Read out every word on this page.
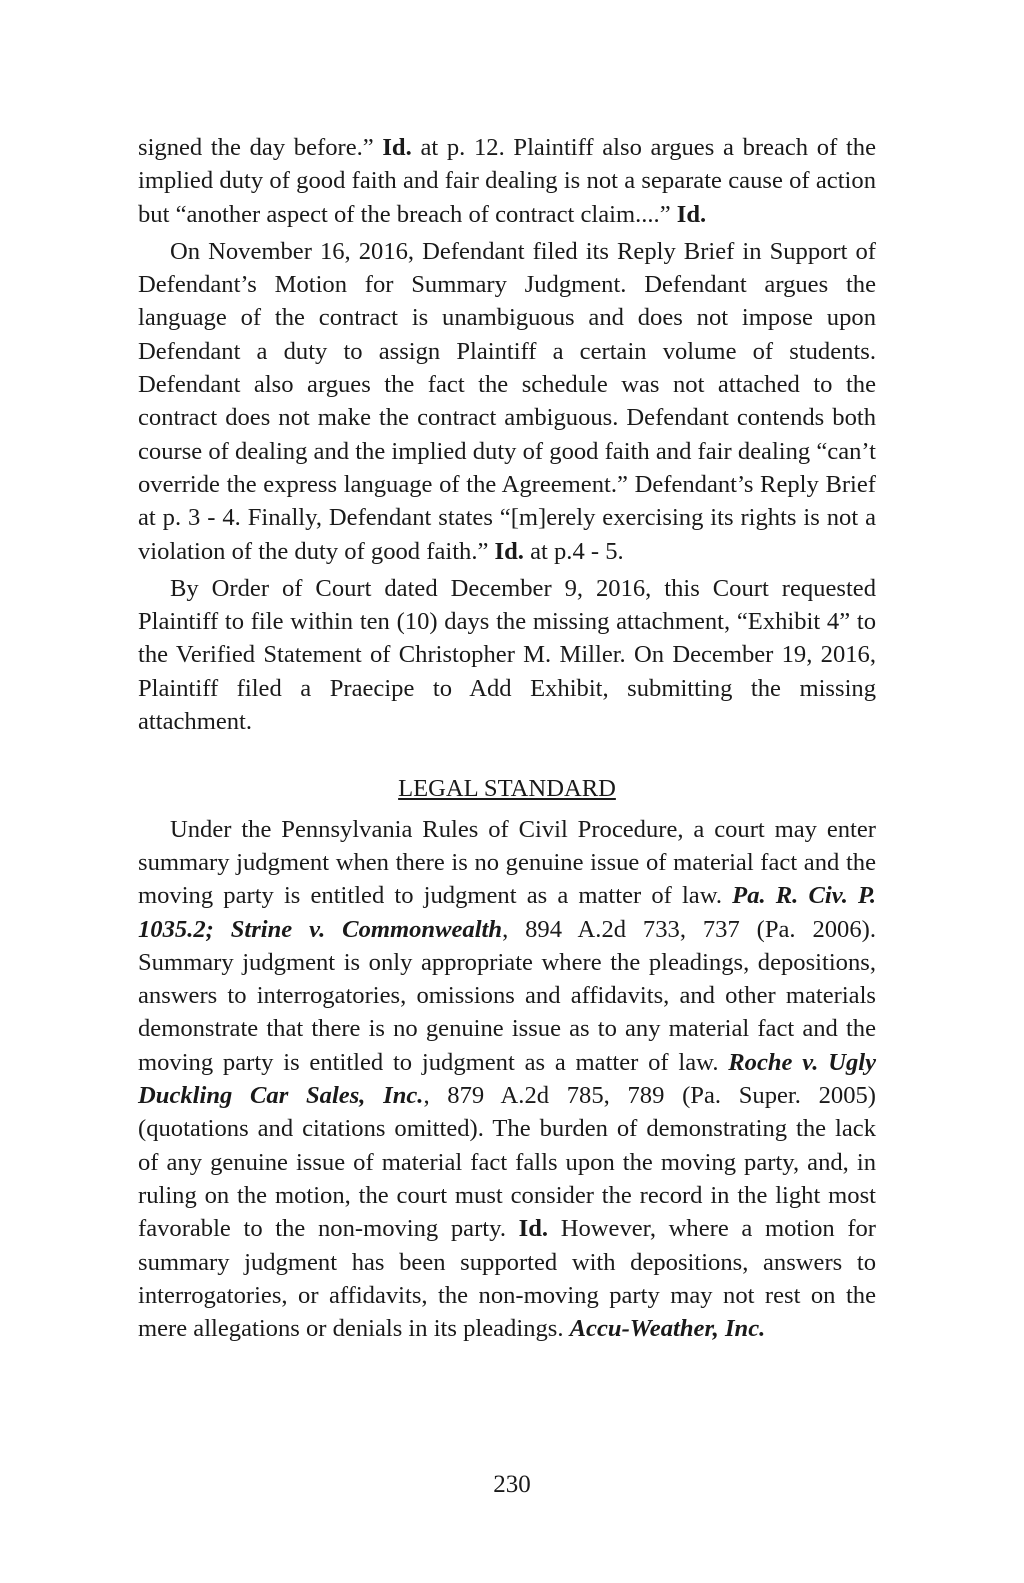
signed the day before.” Id. at p. 12. Plaintiff also argues a breach of the implied duty of good faith and fair dealing is not a separate cause of action but “another aspect of the breach of contract claim....” Id.

On November 16, 2016, Defendant filed its Reply Brief in Support of Defendant’s Motion for Summary Judgment. Defendant argues the language of the contract is unambiguous and does not impose upon Defendant a duty to assign Plaintiff a certain volume of students. Defendant also argues the fact the schedule was not attached to the contract does not make the contract ambiguous. Defendant contends both course of dealing and the implied duty of good faith and fair dealing “can’t override the express language of the Agreement.” Defendant’s Reply Brief at p. 3 - 4. Finally, Defendant states “[m]erely exercising its rights is not a violation of the duty of good faith.” Id. at p.4 - 5.

By Order of Court dated December 9, 2016, this Court requested Plaintiff to file within ten (10) days the missing attachment, “Exhibit 4” to the Verified Statement of Christopher M. Miller. On December 19, 2016, Plaintiff filed a Praecipe to Add Exhibit, submitting the missing attachment.

LEGAL STANDARD

Under the Pennsylvania Rules of Civil Procedure, a court may enter summary judgment when there is no genuine issue of material fact and the moving party is entitled to judgment as a matter of law. Pa. R. Civ. P. 1035.2; Strine v. Commonwealth, 894 A.2d 733, 737 (Pa. 2006). Summary judgment is only appropriate where the pleadings, depositions, answers to interrogatories, omissions and affidavits, and other materials demonstrate that there is no genuine issue as to any material fact and the moving party is entitled to judgment as a matter of law. Roche v. Ugly Duckling Car Sales, Inc., 879 A.2d 785, 789 (Pa. Super. 2005) (quotations and citations omitted). The burden of demonstrating the lack of any genuine issue of material fact falls upon the moving party, and, in ruling on the motion, the court must consider the record in the light most favorable to the non-moving party. Id. However, where a motion for summary judgment has been supported with depositions, answers to interrogatories, or affidavits, the non-moving party may not rest on the mere allegations or denials in its pleadings. Accu-Weather, Inc.

230
